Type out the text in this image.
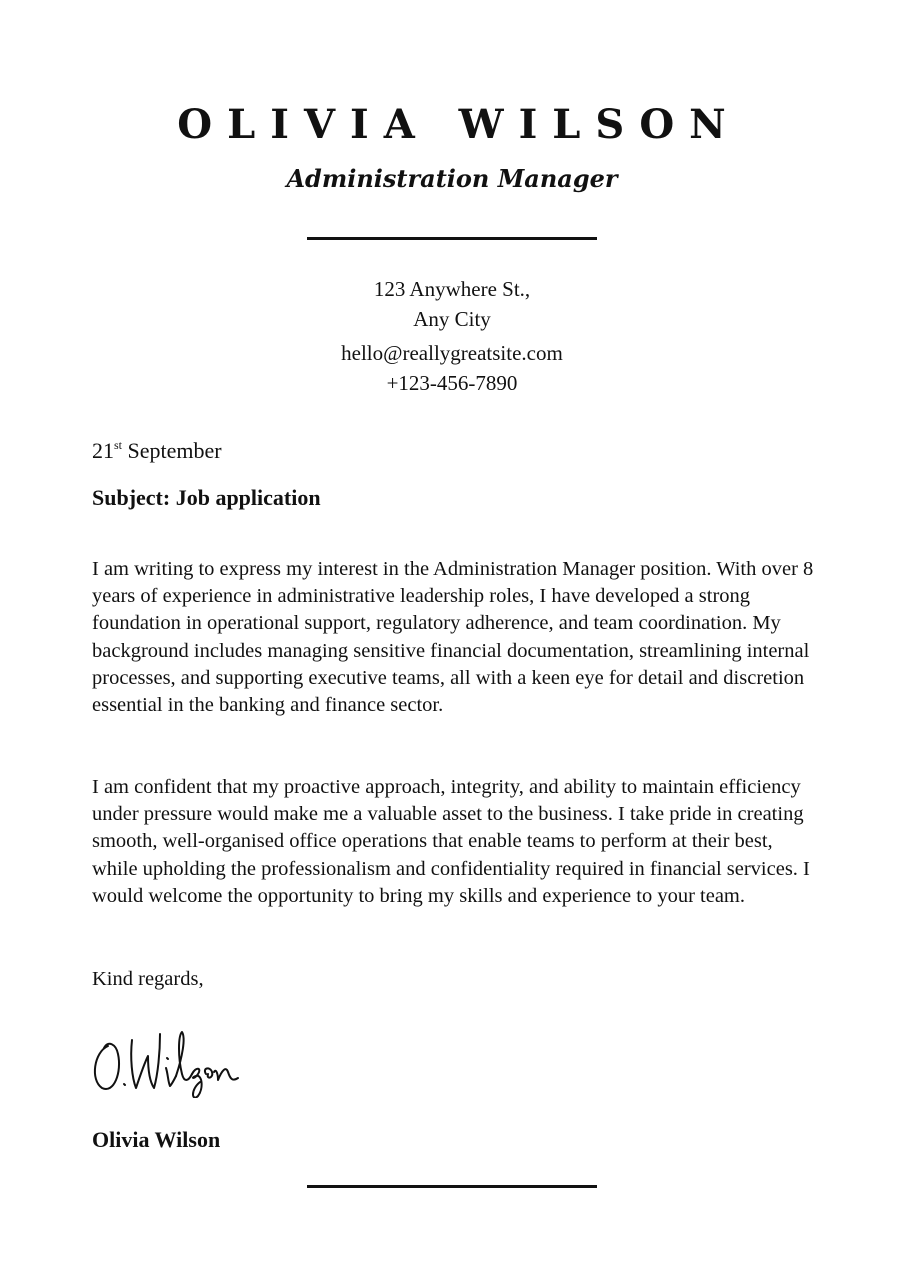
OLIVIA WILSON
Administration Manager
123 Anywhere St.,
Any City
hello@reallygreatsite.com
+123-456-7890
21st September
Subject: Job application

I am writing to express my interest in the Administration Manager position. With over 8 years of experience in administrative leadership roles, I have developed a strong foundation in operational support, regulatory adherence, and team coordination. My background includes managing sensitive financial documentation, streamlining internal processes, and supporting executive teams, all with a keen eye for detail and discretion essential in the banking and finance sector.

I am confident that my proactive approach, integrity, and ability to maintain efficiency under pressure would make me a valuable asset to the business. I take pride in creating smooth, well-organised office operations that enable teams to perform at their best, while upholding the professionalism and confidentiality required in financial services. I would welcome the opportunity to bring my skills and experience to your team.

Kind regards,
Olivia Wilson
